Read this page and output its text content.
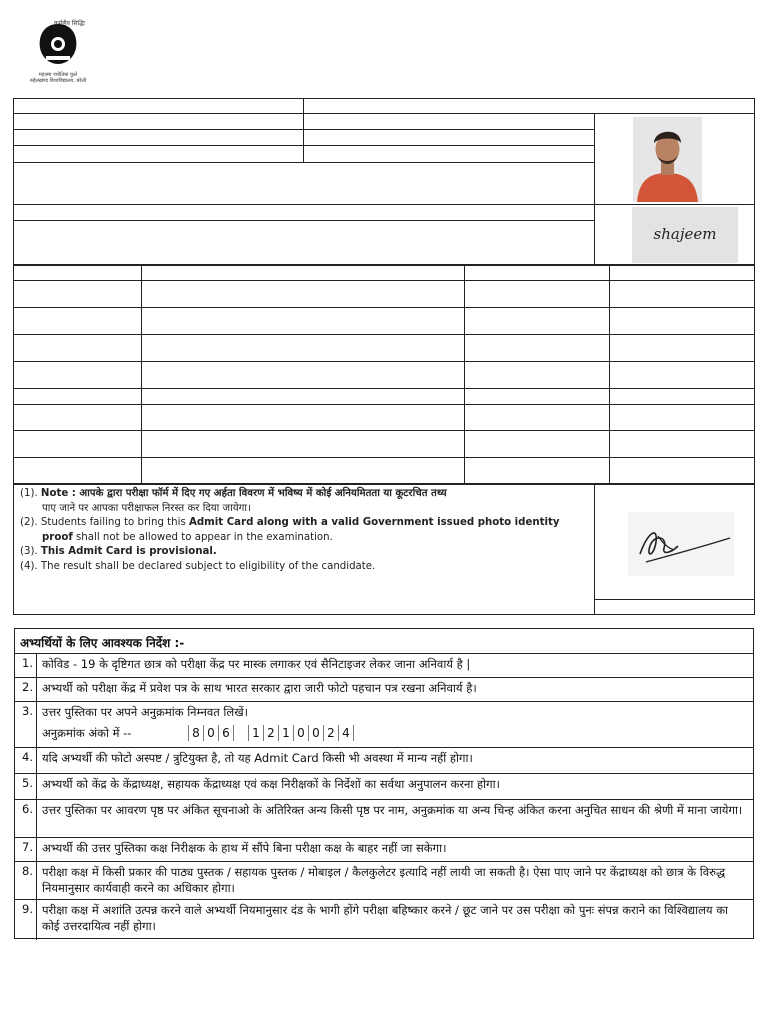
कर्मणैव सिद्धिः
महात्मा ज्योतिबा फुले
रुहेलखण्ड विश्वविद्यालय, बरेली
shajeem
(1). Note : आपके द्वारा परीक्षा फॉर्म में दिए गए अर्हता विवरण में भविष्य में कोई अनियमितता या कूटरचित तथ्य
पाए जाने पर आपका परीक्षाफल निरस्त कर दिया जायेगा।
(2). Students failing to bring this Admit Card along with a valid Government issued photo identity
proof shall not be allowed to appear in the examination.
(3). This Admit Card is provisional.
(4). The result shall be declared subject to eligibility of the candidate.
अभ्यर्थियों के लिए आवश्यक निर्देश :-
1. कोविड - 19 के दृष्टिगत छात्र को परीक्षा केंद्र पर मास्क लगाकर एवं सैनिटाइजर लेकर जाना अनिवार्य है |
2. अभ्यर्थी को परीक्षा केंद्र में प्रवेश पत्र के साथ भारत सरकार द्वारा जारी फोटो पहचान पत्र रखना अनिवार्य है।
3. उत्तर पुस्तिका पर अपने अनुक्रमांक निम्नवत लिखें।
अनुक्रमांक अंको में --	8 0 6	1 2 1 0 0 2 4
4. यदि अभ्यर्थी की फोटो अस्पष्ट / त्रुटियुक्त है, तो यह Admit Card किसी भी अवस्था में मान्य नहीं होगा।
5. अभ्यर्थी को केंद्र के केंद्राध्यक्ष, सहायक केंद्राध्यक्ष एवं कक्ष निरीक्षकों के निर्देशों का सर्वथा अनुपालन करना होगा।
6. उत्तर पुस्तिका पर आवरण पृष्ठ पर अंकित सूचनाओ के अतिरिक्त अन्य किसी पृष्ठ पर नाम, अनुक्रमांक या अन्य चिन्ह अंकित करना अनुचित साधन की श्रेणी में माना जायेगा।
7. अभ्यर्थी की उत्तर पुस्तिका कक्ष निरीक्षक के हाथ में सौंपे बिना परीक्षा कक्ष के बाहर नहीं जा सकेगा।
8. परीक्षा कक्ष में किसी प्रकार की पाठ्य पुस्तक / सहायक पुस्तक / मोबाइल / कैलकुलेटर इत्यादि नहीं लायी जा सकती है। ऐसा पाए जाने पर केंद्राध्यक्ष को छात्र के विरुद्ध नियमानुसार कार्यवाही करने का अधिकार होगा।
9. परीक्षा कक्ष में अशांति उत्पन्न करने वाले अभ्यर्थी नियमानुसार दंड के भागी होंगे परीक्षा बहिष्कार करने / छूट जाने पर उस परीक्षा को पुनः संपन्न कराने का विश्विद्यालय का कोई उत्तरदायित्व नहीं होगा।
